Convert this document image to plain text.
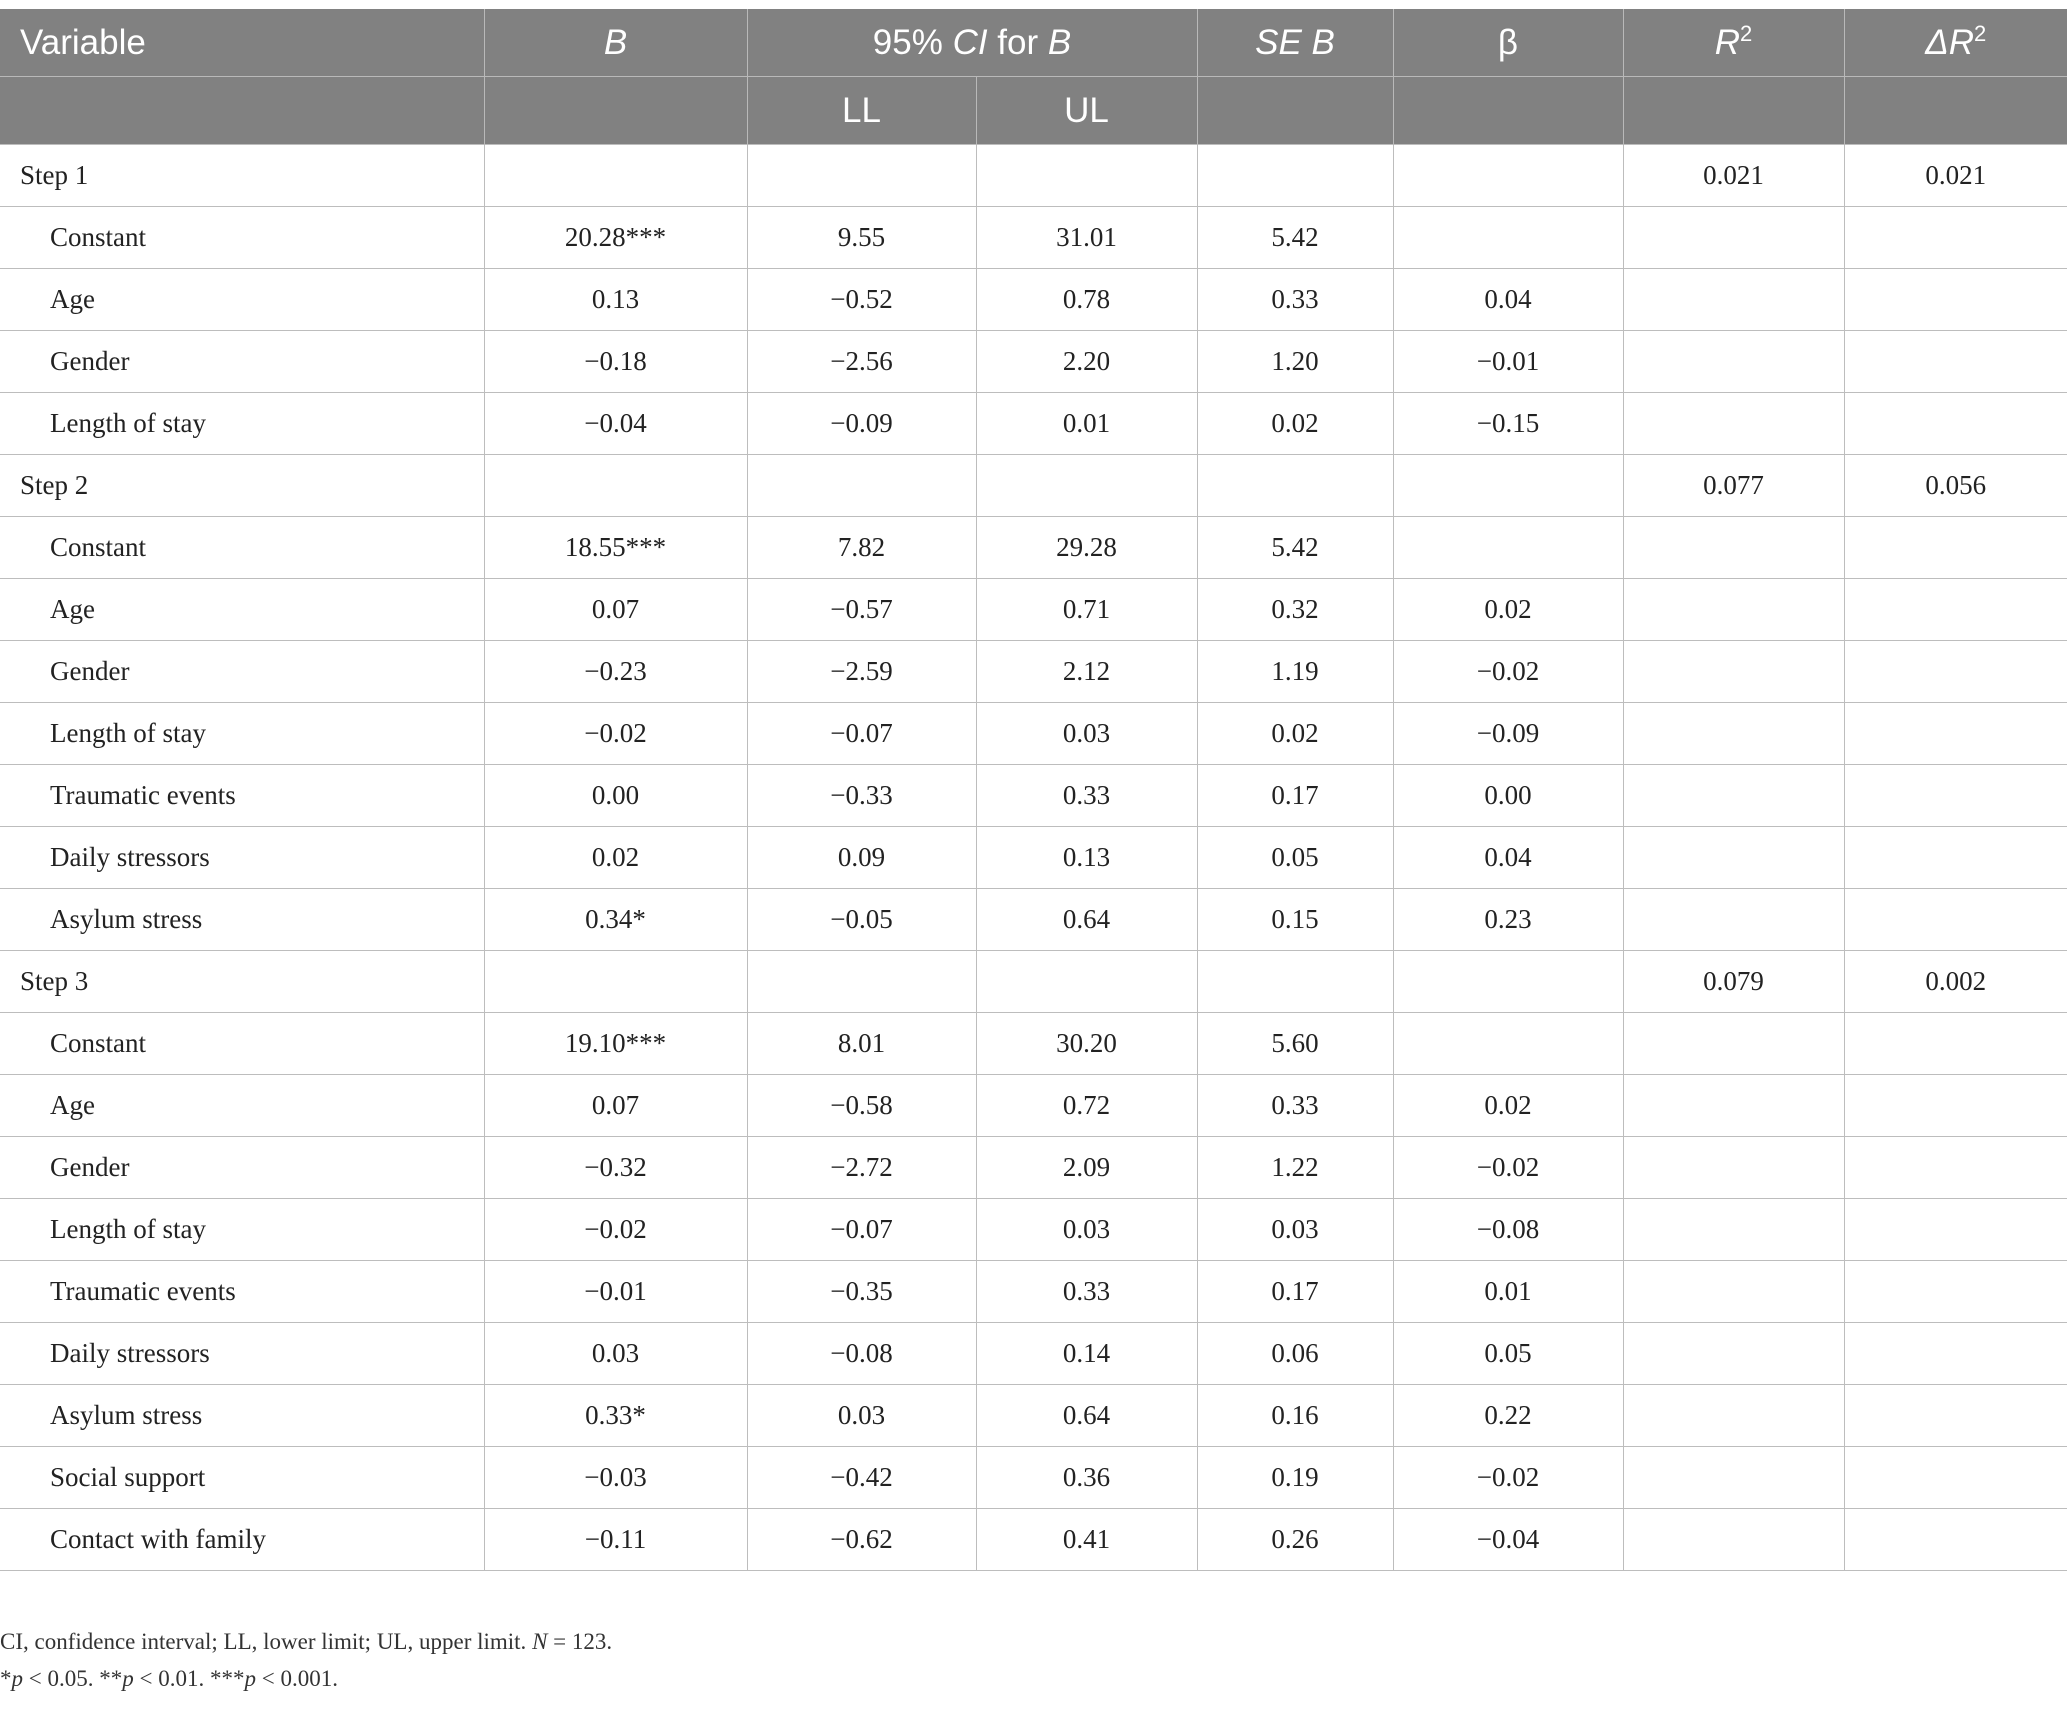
Variable	B	95% CI for B		SE B	β	$R^2$	$\Delta R^2$
		LL	UL				
Step 1						0.021	0.021
Constant	20.28***	9.55	31.01	5.42			
Age	0.13	−0.52	0.78	0.33	0.04		
Gender	−0.18	−2.56	2.20	1.20	−0.01		
Length of stay	−0.04	−0.09	0.01	0.02	−0.15		
Step 2						0.077	0.056
Constant	18.55***	7.82	29.28	5.42			
Age	0.07	−0.57	0.71	0.32	0.02		
Gender	−0.23	−2.59	2.12	1.19	−0.02		
Length of stay	−0.02	−0.07	0.03	0.02	−0.09		
Traumatic events	0.00	−0.33	0.33	0.17	0.00		
Daily stressors	0.02	0.09	0.13	0.05	0.04		
Asylum stress	0.34*	−0.05	0.64	0.15	0.23		
Step 3						0.079	0.002
Constant	19.10***	8.01	30.20	5.60			
Age	0.07	−0.58	0.72	0.33	0.02		
Gender	−0.32	−2.72	2.09	1.22	−0.02		
Length of stay	−0.02	−0.07	0.03	0.03	−0.08		
Traumatic events	−0.01	−0.35	0.33	0.17	0.01		
Daily stressors	0.03	−0.08	0.14	0.06	0.05		
Asylum stress	0.33*	0.03	0.64	0.16	0.22		
Social support	−0.03	−0.42	0.36	0.19	−0.02		
Contact with family	−0.11	−0.62	0.41	0.26	−0.04		
CI, confidence interval; LL, lower limit; UL, upper limit. N = 123.
*p < 0.05. **p < 0.01. ***p < 0.001.
